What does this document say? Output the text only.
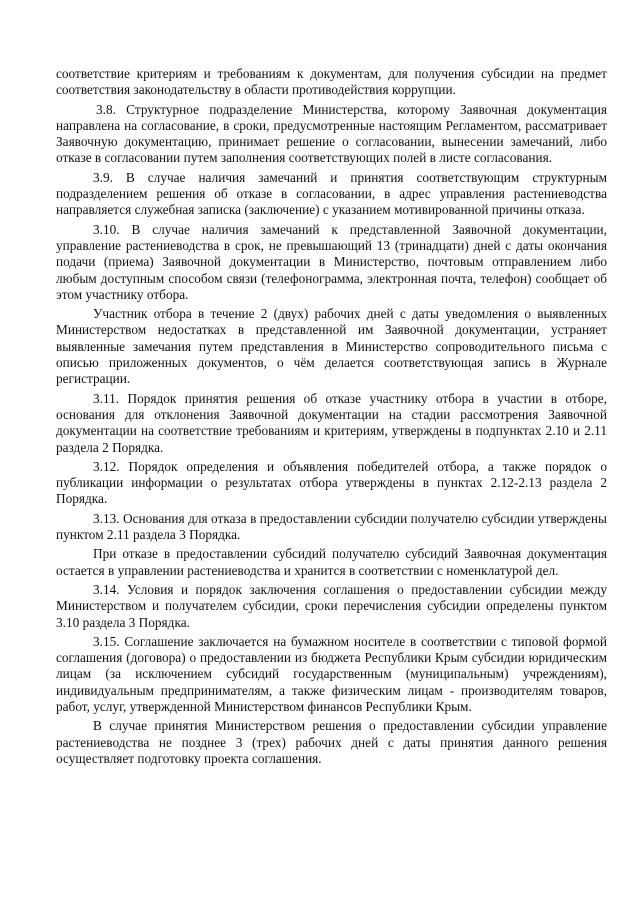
соответствие критериям и требованиям к документам, для получения субсидии на предмет соответствия законодательству в области противодействия коррупции.

3.8. Структурное подразделение Министерства, которому Заявочная документация направлена на согласование, в сроки, предусмотренные настоящим Регламентом, рассматривает Заявочную документацию, принимает решение о согласовании, вынесении замечаний, либо отказе в согласовании путем заполнения соответствующих полей в листе согласования.

3.9. В случае наличия замечаний и принятия соответствующим структурным подразделением решения об отказе в согласовании, в адрес управления растениеводства направляется служебная записка (заключение) с указанием мотивированной причины отказа.

3.10. В случае наличия замечаний к представленной Заявочной документации, управление растениеводства в срок, не превышающий 13 (тринадцати) дней с даты окончания подачи (приема) Заявочной документации в Министерство, почтовым отправлением либо любым доступным способом связи (телефонограмма, электронная почта, телефон) сообщает об этом участнику отбора.

Участник отбора в течение 2 (двух) рабочих дней с даты уведомления о выявленных Министерством недостатках в представленной им Заявочной документации, устраняет выявленные замечания путем представления в Министерство сопроводительного письма с описью приложенных документов, о чём делается соответствующая запись в Журнале регистрации.

3.11. Порядок принятия решения об отказе участнику отбора в участии в отборе, основания для отклонения Заявочной документации на стадии рассмотрения Заявочной документации на соответствие требованиям и критериям, утверждены в подпунктах 2.10 и 2.11 раздела 2 Порядка.

3.12. Порядок определения и объявления победителей отбора, а также порядок о публикации информации о результатах отбора утверждены в пунктах 2.12-2.13 раздела 2 Порядка.

3.13. Основания для отказа в предоставлении субсидии получателю субсидии утверждены пунктом 2.11 раздела 3 Порядка.

При отказе в предоставлении субсидий получателю субсидий Заявочная документация остается в управлении растениеводства и хранится в соответствии с номенклатурой дел.

3.14. Условия и порядок заключения соглашения о предоставлении субсидии между Министерством и получателем субсидии, сроки перечисления субсидии определены пунктом 3.10 раздела 3 Порядка.

3.15. Соглашение заключается на бумажном носителе в соответствии с типовой формой соглашения (договора) о предоставлении из бюджета Республики Крым субсидии юридическим лицам (за исключением субсидий государственным (муниципальным) учреждениям), индивидуальным предпринимателям, а также физическим лицам - производителям товаров, работ, услуг, утвержденной Министерством финансов Республики Крым.

В случае принятия Министерством решения о предоставлении субсидии управление растениеводства не позднее 3 (трех) рабочих дней с даты принятия данного решения осуществляет подготовку проекта соглашения.
